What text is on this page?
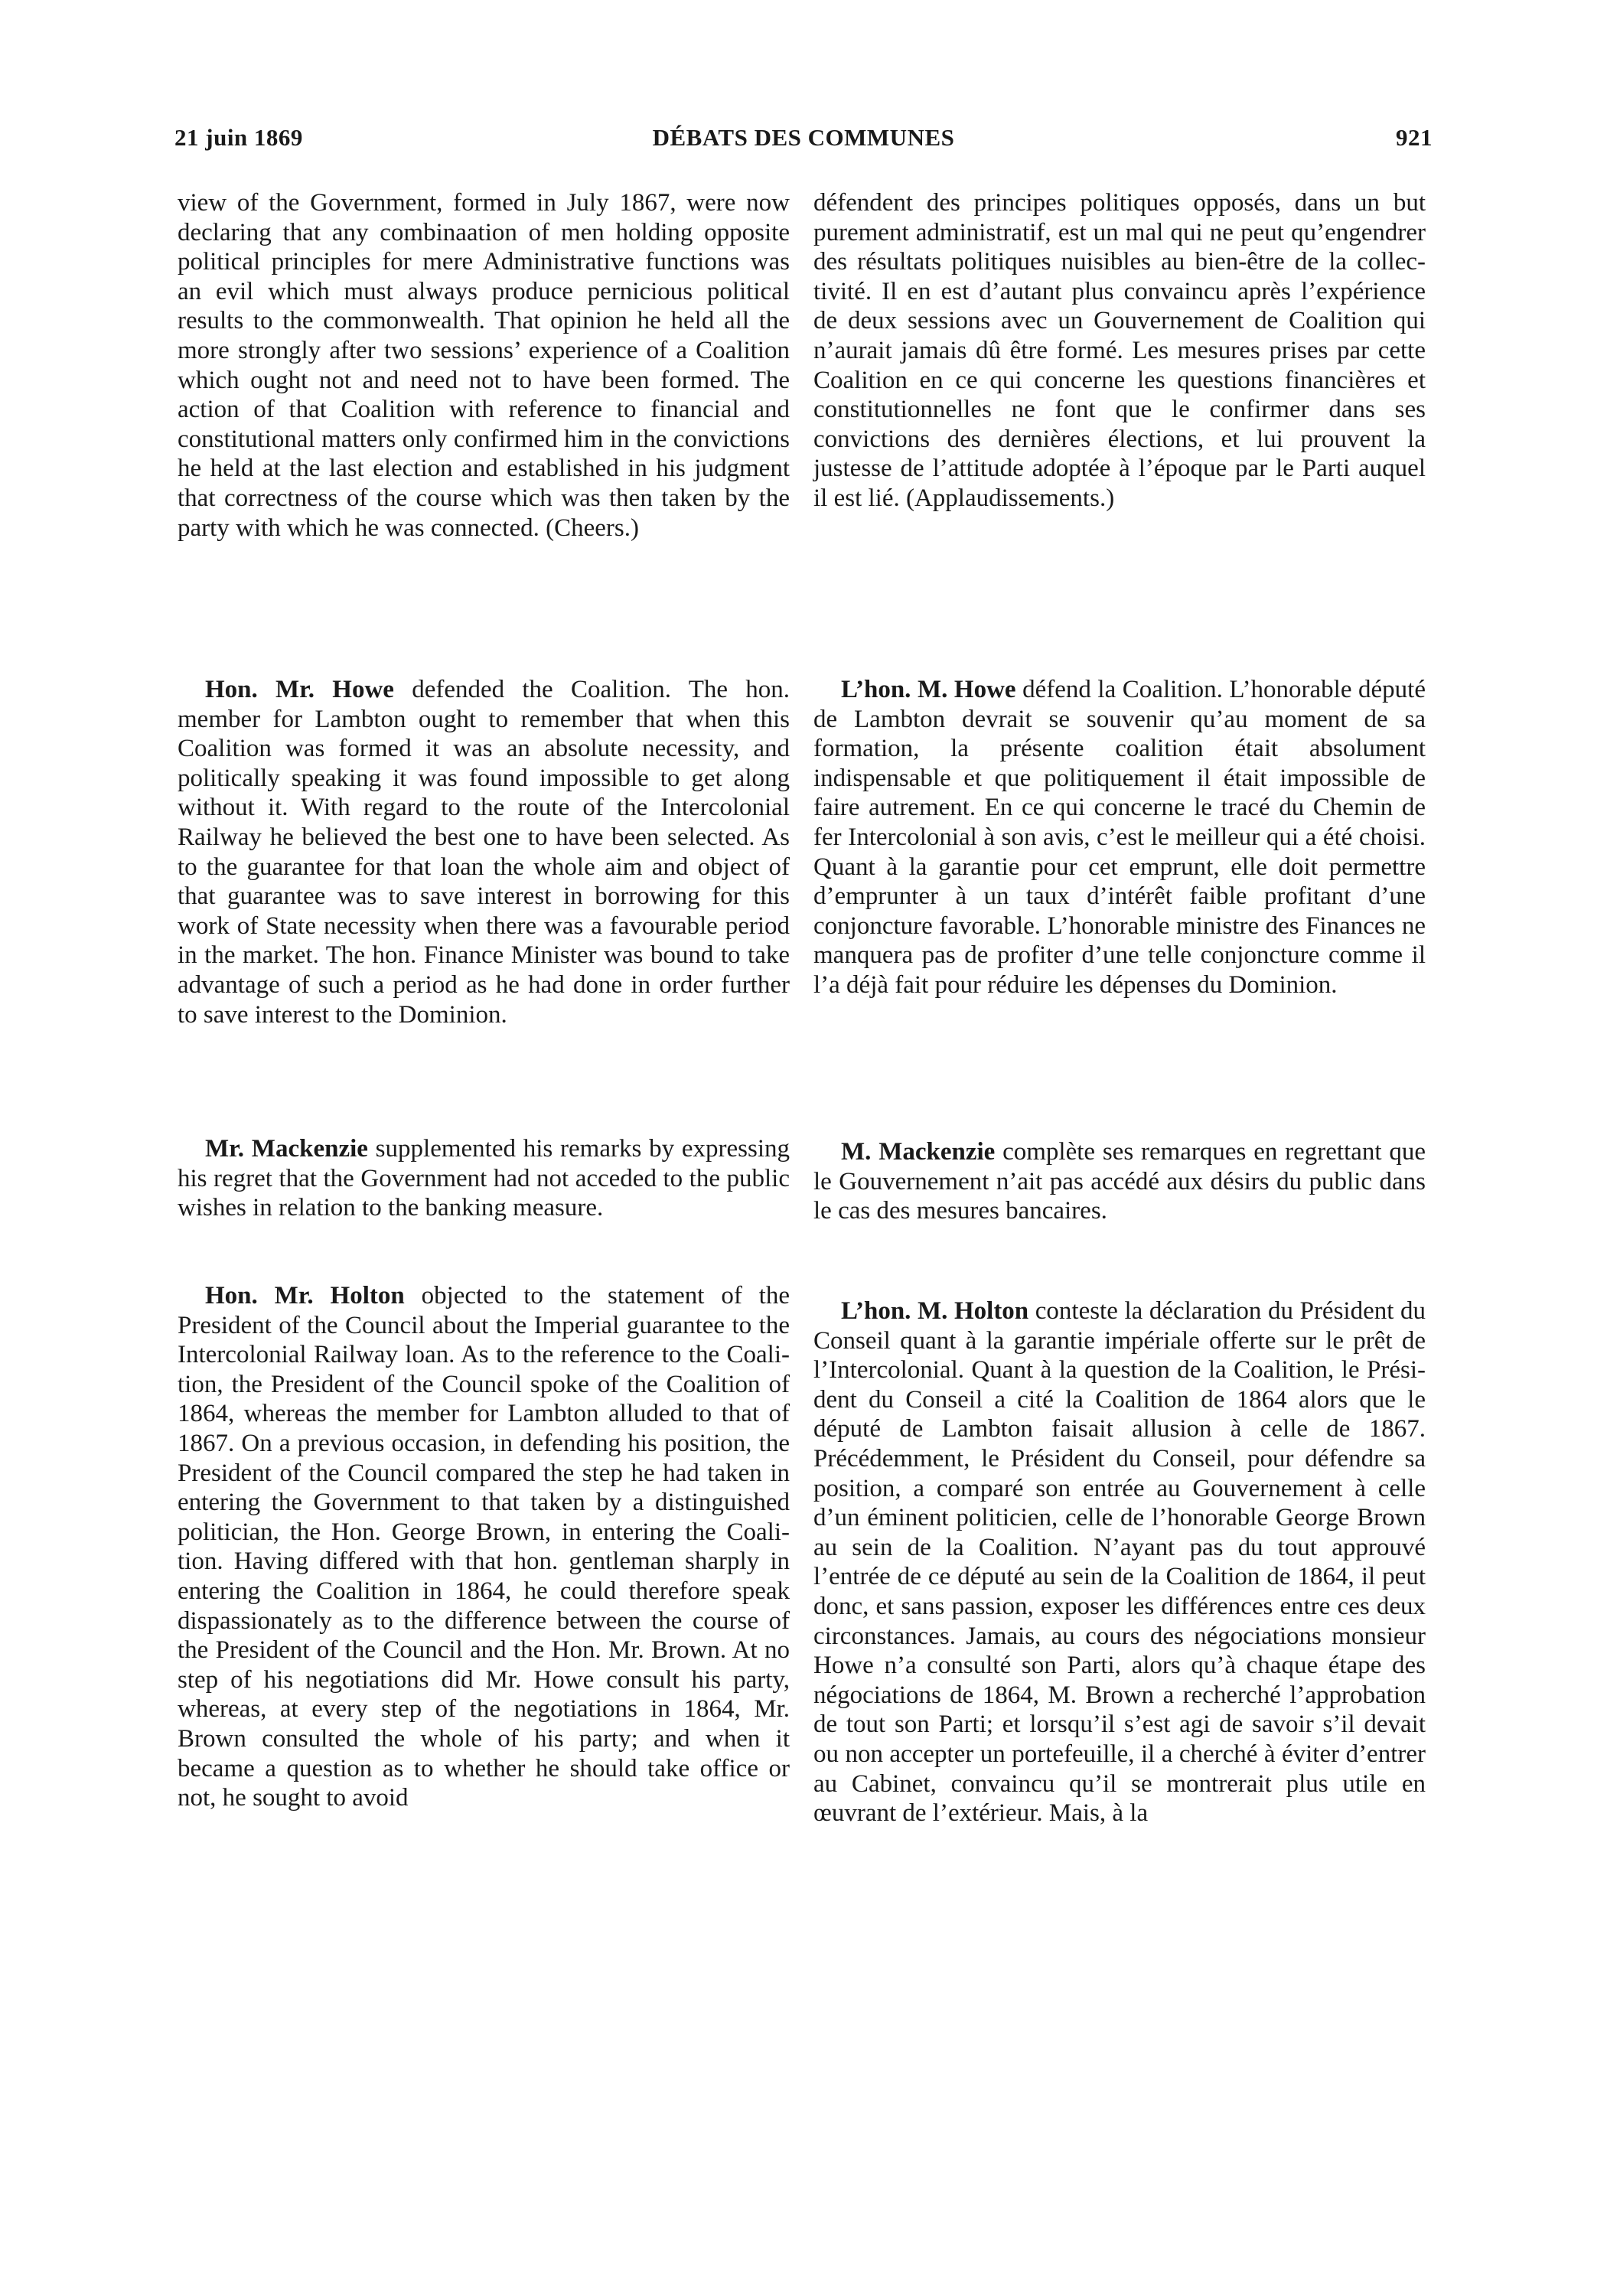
21 juin 1869	DÉBATS DES COMMUNES	921

view of the Government, formed in July 1867, were now declaring that any combinaation of men holding opposite political principles for mere Administrative functions was an evil which must always produce pernicious political results to the commonwealth. That opinion he held all the more strongly after two sessions’ experience of a Coalition which ought not and need not to have been formed. The action of that Coalition with reference to financial and constitutional matters only confirmed him in the convictions he held at the last election and established in his judgment that correctness of the course which was then taken by the party with which he was connected. (Cheers.)

Hon. Mr. Howe defended the Coalition. The hon. member for Lambton ought to remember that when this Coalition was formed it was an absolute necessity, and politically speaking it was found impossible to get along without it. With regard to the route of the Intercolonial Railway he believed the best one to have been selected. As to the guarantee for that loan the whole aim and object of that guarantee was to save interest in borrowing for this work of State necessity when there was a favourable period in the market. The hon. Finance Minister was bound to take advantage of such a period as he had done in order further to save interest to the Dominion.

Mr. Mackenzie supplemented his remarks by expressing his regret that the Government had not acceded to the public wishes in relation to the banking measure.

Hon. Mr. Holton objected to the statement of the President of the Council about the Imperial guarantee to the Intercolonial Railway loan. As to the reference to the Coalition, the President of the Council spoke of the Coalition of 1864, whereas the member for Lambton alluded to that of 1867. On a previous occasion, in defending his position, the President of the Council compared the step he had taken in entering the Government to that taken by a distinguished politician, the Hon. George Brown, in entering the Coalition. Having differed with that hon. gentleman sharply in entering the Coalition in 1864, he could therefore speak dispassionately as to the difference between the course of the President of the Council and the Hon. Mr. Brown. At no step of his negotiations did Mr. Howe consult his party, whereas, at every step of the negotiations in 1864, Mr. Brown consulted the whole of his party; and when it became a question as to whether he should take office or not, he sought to avoid

défendent des principes politiques opposés, dans un but purement administratif, est un mal qui ne peut qu’engendrer des résultats politiques nuisibles au bien-être de la collectivité. Il en est d’autant plus convaincu après l’expérience de deux sessions avec un Gouvernement de Coalition qui n’aurait jamais dû être formé. Les mesures prises par cette Coalition en ce qui concerne les questions financières et constitutionnelles ne font que le confirmer dans ses convictions des dernières élections, et lui prouvent la justesse de l’attitude adoptée à l’époque par le Parti auquel il est lié. (Applaudissements.)

L’hon. M. Howe défend la Coalition. L’honorable député de Lambton devrait se souvenir qu’au moment de sa formation, la présente coalition était absolument indispensable et que politiquement il était impossible de faire autrement. En ce qui concerne le tracé du Chemin de fer Intercolonial à son avis, c’est le meilleur qui a été choisi. Quant à la garantie pour cet emprunt, elle doit permettre d’emprunter à un taux d’intérêt faible profitant d’une conjoncture favorable. L’honorable ministre des Finances ne manquera pas de profiter d’une telle conjoncture comme il l’a déjà fait pour réduire les dépenses du Dominion.

M. Mackenzie complète ses remarques en regrettant que le Gouvernement n’ait pas accédé aux désirs du public dans le cas des mesures bancaires.

L’hon. M. Holton conteste la déclaration du Président du Conseil quant à la garantie impériale offerte sur le prêt de l’Intercolonial. Quant à la question de la Coalition, le Président du Conseil a cité la Coalition de 1864 alors que le député de Lambton faisait allusion à celle de 1867. Précédemment, le Président du Conseil, pour défendre sa position, a comparé son entrée au Gouvernement à celle d’un éminent politicien, celle de l’honorable George Brown au sein de la Coalition. N’ayant pas du tout approuvé l’entrée de ce député au sein de la Coalition de 1864, il peut donc, et sans passion, exposer les différences entre ces deux circonstances. Jamais, au cours des négociations monsieur Howe n’a consulté son Parti, alors qu’à chaque étape des négociations de 1864, M. Brown a recherché l’approbation de tout son Parti; et lorsqu’il s’est agi de savoir s’il devait ou non accepter un portefeuille, il a cherché à éviter d’entrer au Cabinet, convaincu qu’il se montrerait plus utile en œuvrant de l’extérieur. Mais, à la
